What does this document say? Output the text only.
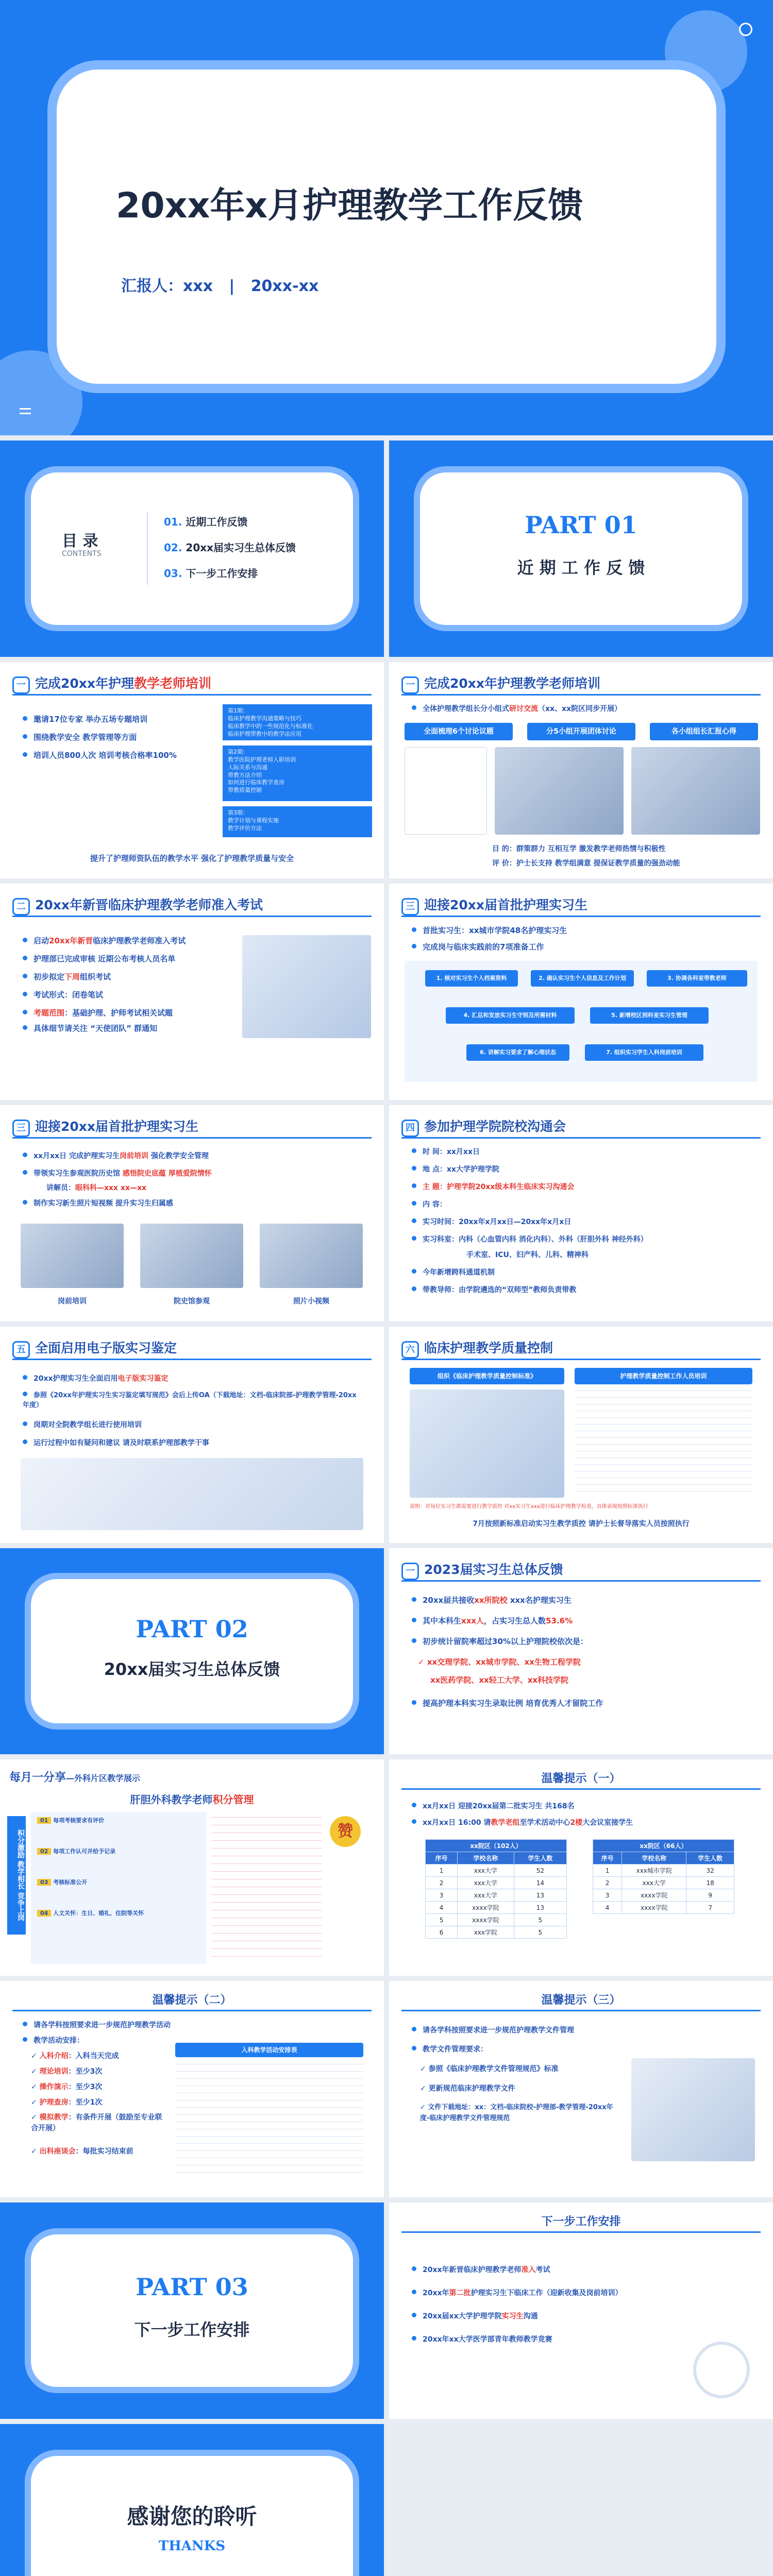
20xx年x月护理教学工作反馈
汇报人：xxx   |   20xx-xx
目 录
CONTENTS
01. 近期工作反馈
02. 20xx届实习生总体反馈
03. 下一步工作安排
PART 01
近 期 工 作 反 馈
一 完成20xx年护理教学老师培训
邀请17位专家 举办五场专题培训
围绕教学安全 教学管理等方面
培训人员800人次 培训考核合格率100%
第1期：
临床护理教学沟通策略与技巧
临床教学中的一些规范化与标准化
临床护理带教中的教学法应用
第2期：
教学医院护理老师入职培训
人际关系与沟通
带教方法介绍
如何进行临床教学查房
带教质量控制
第3期：
教学计划与课程实施
教学评价方法
提升了护理师资队伍的教学水平 强化了护理教学质量与安全
一 完成20xx年护理教学老师培训
全体护理教学组长分小组式研讨交流（xx、xx院区同步开展）
全面梳理6个讨论议题	分5小组开展团体讨论	各小组组长汇报心得
目 的：群策群力 互相互学 激发教学老师热情与积极性
评 价：护士长支持 教学组满意 提保证教学质量的强劲动能
二 20xx年新晋临床护理教学老师准入考试
启动20xx年新晋临床护理教学老师准入考试
护理部已完成审核 近期公布考核人员名单
初步拟定下周组织考试
考试形式：闭卷笔试
考题范围：基础护理、护师考试相关试题
具体细节请关注 “天使团队” 群通知
三 迎接20xx届首批护理实习生
首批实习生：xx城市学院48名护理实习生
完成岗与临床实践前的7项准备工作
1. 核对实习生个人档案资料	2. 确认实习生个人信息及工作计划	3. 协调各科室带教老师
4. 汇总和发放实习生守则及所需材料	5. 新增校区到科室实习生管理
6. 讲解实习要求了解心理状态	7. 组织实习学生入科岗前培训
三 迎接20xx届首批护理实习生
xx月xx日 完成护理实习生岗前培训 强化教学安全管理
带领实习生参观医院历史馆 感悟院史底蕴 厚植爱院情怀
讲解员：眼科科—xxx xx—xx
制作实习新生照片短视频 提升实习生归属感
岗前培训	院史馆参观	照片小视频
四 参加护理学院院校沟通会
时 间：xx月xx日
地 点：xx大学护理学院
主 题：护理学院20xx级本科生临床实习沟通会
内 容：
实习时间：20xx年x月xx日—20xx年x月x日
实习科室：内科（心血管内科 消化内科）、外科（肝胆外科 神经外科）
手术室、ICU、妇产科、儿科、精神科
今年新增跨科通道机制
带教导师：由学院遴选的“双师型”教师负责带教
五 全面启用电子版实习鉴定
20xx护理实习生全面启用电子版实习鉴定
参照《20xx年护理实习生实习鉴定填写规范》会后上传OA（下载地址：文档-临床院部-护理教学管理-20xx年度）
岗期对全院教学组长进行使用培训
运行过程中如有疑问和建议 请及时联系护理部教学干事
六 临床护理教学质量控制
组织《临床护理教学质量控制标准》	护理教学质量控制工作人员培训
说明：对每位实习生都需要进行教学质控 对xx实习生xxx进行临床护理教学检查，具体表现按照标准执行
7月按照新标准启动实习生教学质控 请护士长督导落实人员按照执行
PART 02
20xx届实习生总体反馈
一 2023届实习生总体反馈
20xx届共接收xx所院校 xxx名护理实习生
其中本科生xxx人，占实习生总人数53.6%
初步统计留院率超过30%以上护理院校依次是：
✓ xx交理学院、xx城市学院、xx生物工程学院
xx医药学院、xx轻工大学、xx科技学院
提高护理本科实习生录取比例 培育优秀人才留院工作
每月一分享—外科片区教学展示
肝胆外科教学老师积分管理
积分激励 教学相长 竞争上岗
01 每项考核要求有评价
02 每项工作认可并给予记录
03 考核标准公开
04 人文关怀：生日、婚礼、住院等关怀
赞
温馨提示（一）
xx月xx日 迎接20xx届第二批实习生 共168名
xx月xx日 16:00 请教学老组至学术活动中心2楼大会议室接学生
xx院区（102人）		
序号	学校名称	学生人数
1	xxx大学	52
2	xxx大学	14
3	xxx大学	13
4	xxxx学院	13
5	xxxx学院	5
6	xxx学院	5
xx院区（66人）		
序号	学校名称	学生人数
1	xxx城市学院	32
2	xxx大学	18
3	xxxx学院	9
4	xxxx学院	7
温馨提示（二）
请各学科按照要求进一步规范护理教学活动
教学活动安排：
✓ 入科介绍：入科当天完成
✓ 理论培训：至少3次
✓ 操作演示：至少3次
✓ 护理查房：至少1次
✓ 模拟教学：有条件开展（鼓励至专业联合开展）
✓ 出科座谈会：每批实习结束前
入科教学活动安排表
温馨提示（三）
请各学科按照要求进一步规范护理教学文件管理
教学文件管理要求：
✓ 参照《临床护理教学文件管理规范》标准
✓ 更新规范临床护理教学文件
✓ 文件下载地址：xx：文档-临床院校-护理部-教学管理-20xx年度-临床护理教学文件管理规范
PART 03
下一步工作安排
下一步工作安排
20xx年新晋临床护理教学老师准入考试
20xx年第二批护理实习生下临床工作（迎新收集及岗前培训）
20xx届xx大学护理学院实习生沟通
20xx年xx大学医学部青年教师教学竞赛
感谢您的聆听
THANKS
